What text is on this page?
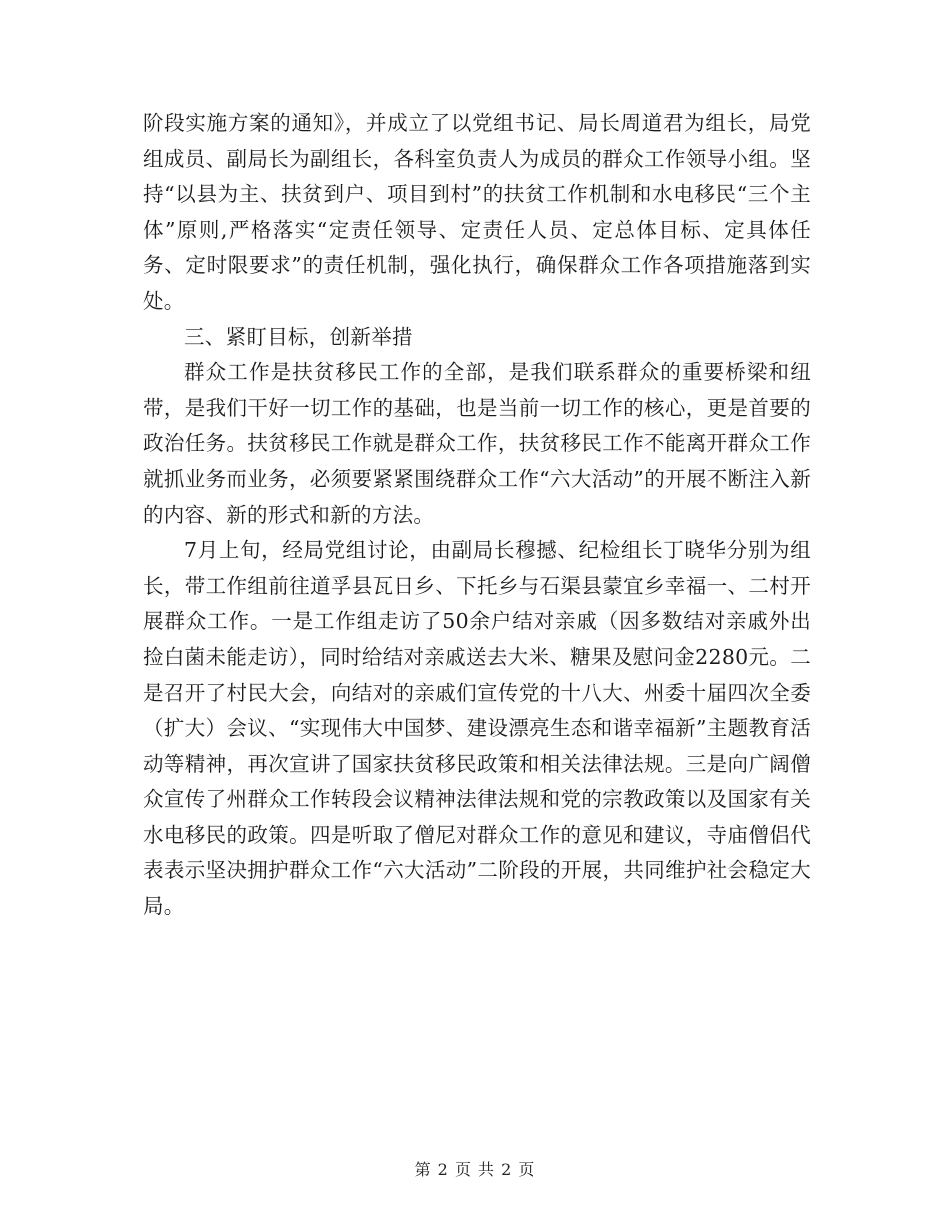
阶段实施方案的通知》，并成立了以党组书记、局长周道君为组长，局党组成员、副局长为副组长，各科室负责人为成员的群众工作领导小组。坚持“以县为主、扶贫到户、项目到村”的扶贫工作机制和水电移民“三个主体”原则,严格落实“定责任领导、定责任人员、定总体目标、定具体任务、定时限要求”的责任机制，强化执行，确保群众工作各项措施落到实处。

三、紧盯目标，创新举措

群众工作是扶贫移民工作的全部，是我们联系群众的重要桥梁和纽带，是我们干好一切工作的基础，也是当前一切工作的核心，更是首要的政治任务。扶贫移民工作就是群众工作，扶贫移民工作不能离开群众工作就抓业务而业务，必须要紧紧围绕群众工作“六大活动”的开展不断注入新的内容、新的形式和新的方法。

7月上旬，经局党组讨论，由副局长穆撼、纪检组长丁晓华分别为组长，带工作组前往道孚县瓦日乡、下托乡与石渠县蒙宜乡幸福一、二村开展群众工作。一是工作组走访了50余户结对亲戚（因多数结对亲戚外出捡白菌未能走访），同时给结对亲戚送去大米、糖果及慰问金2280元。二是召开了村民大会，向结对的亲戚们宣传党的十八大、州委十届四次全委（扩大）会议、“实现伟大中国梦、建设漂亮生态和谐幸福新”主题教育活动等精神，再次宣讲了国家扶贫移民政策和相关法律法规。三是向广阔僧众宣传了州群众工作转段会议精神法律法规和党的宗教政策以及国家有关水电移民的政策。四是听取了僧尼对群众工作的意见和建议，寺庙僧侣代表表示坚决拥护群众工作“六大活动”二阶段的开展，共同维护社会稳定大局。

第 2 页 共 2 页
